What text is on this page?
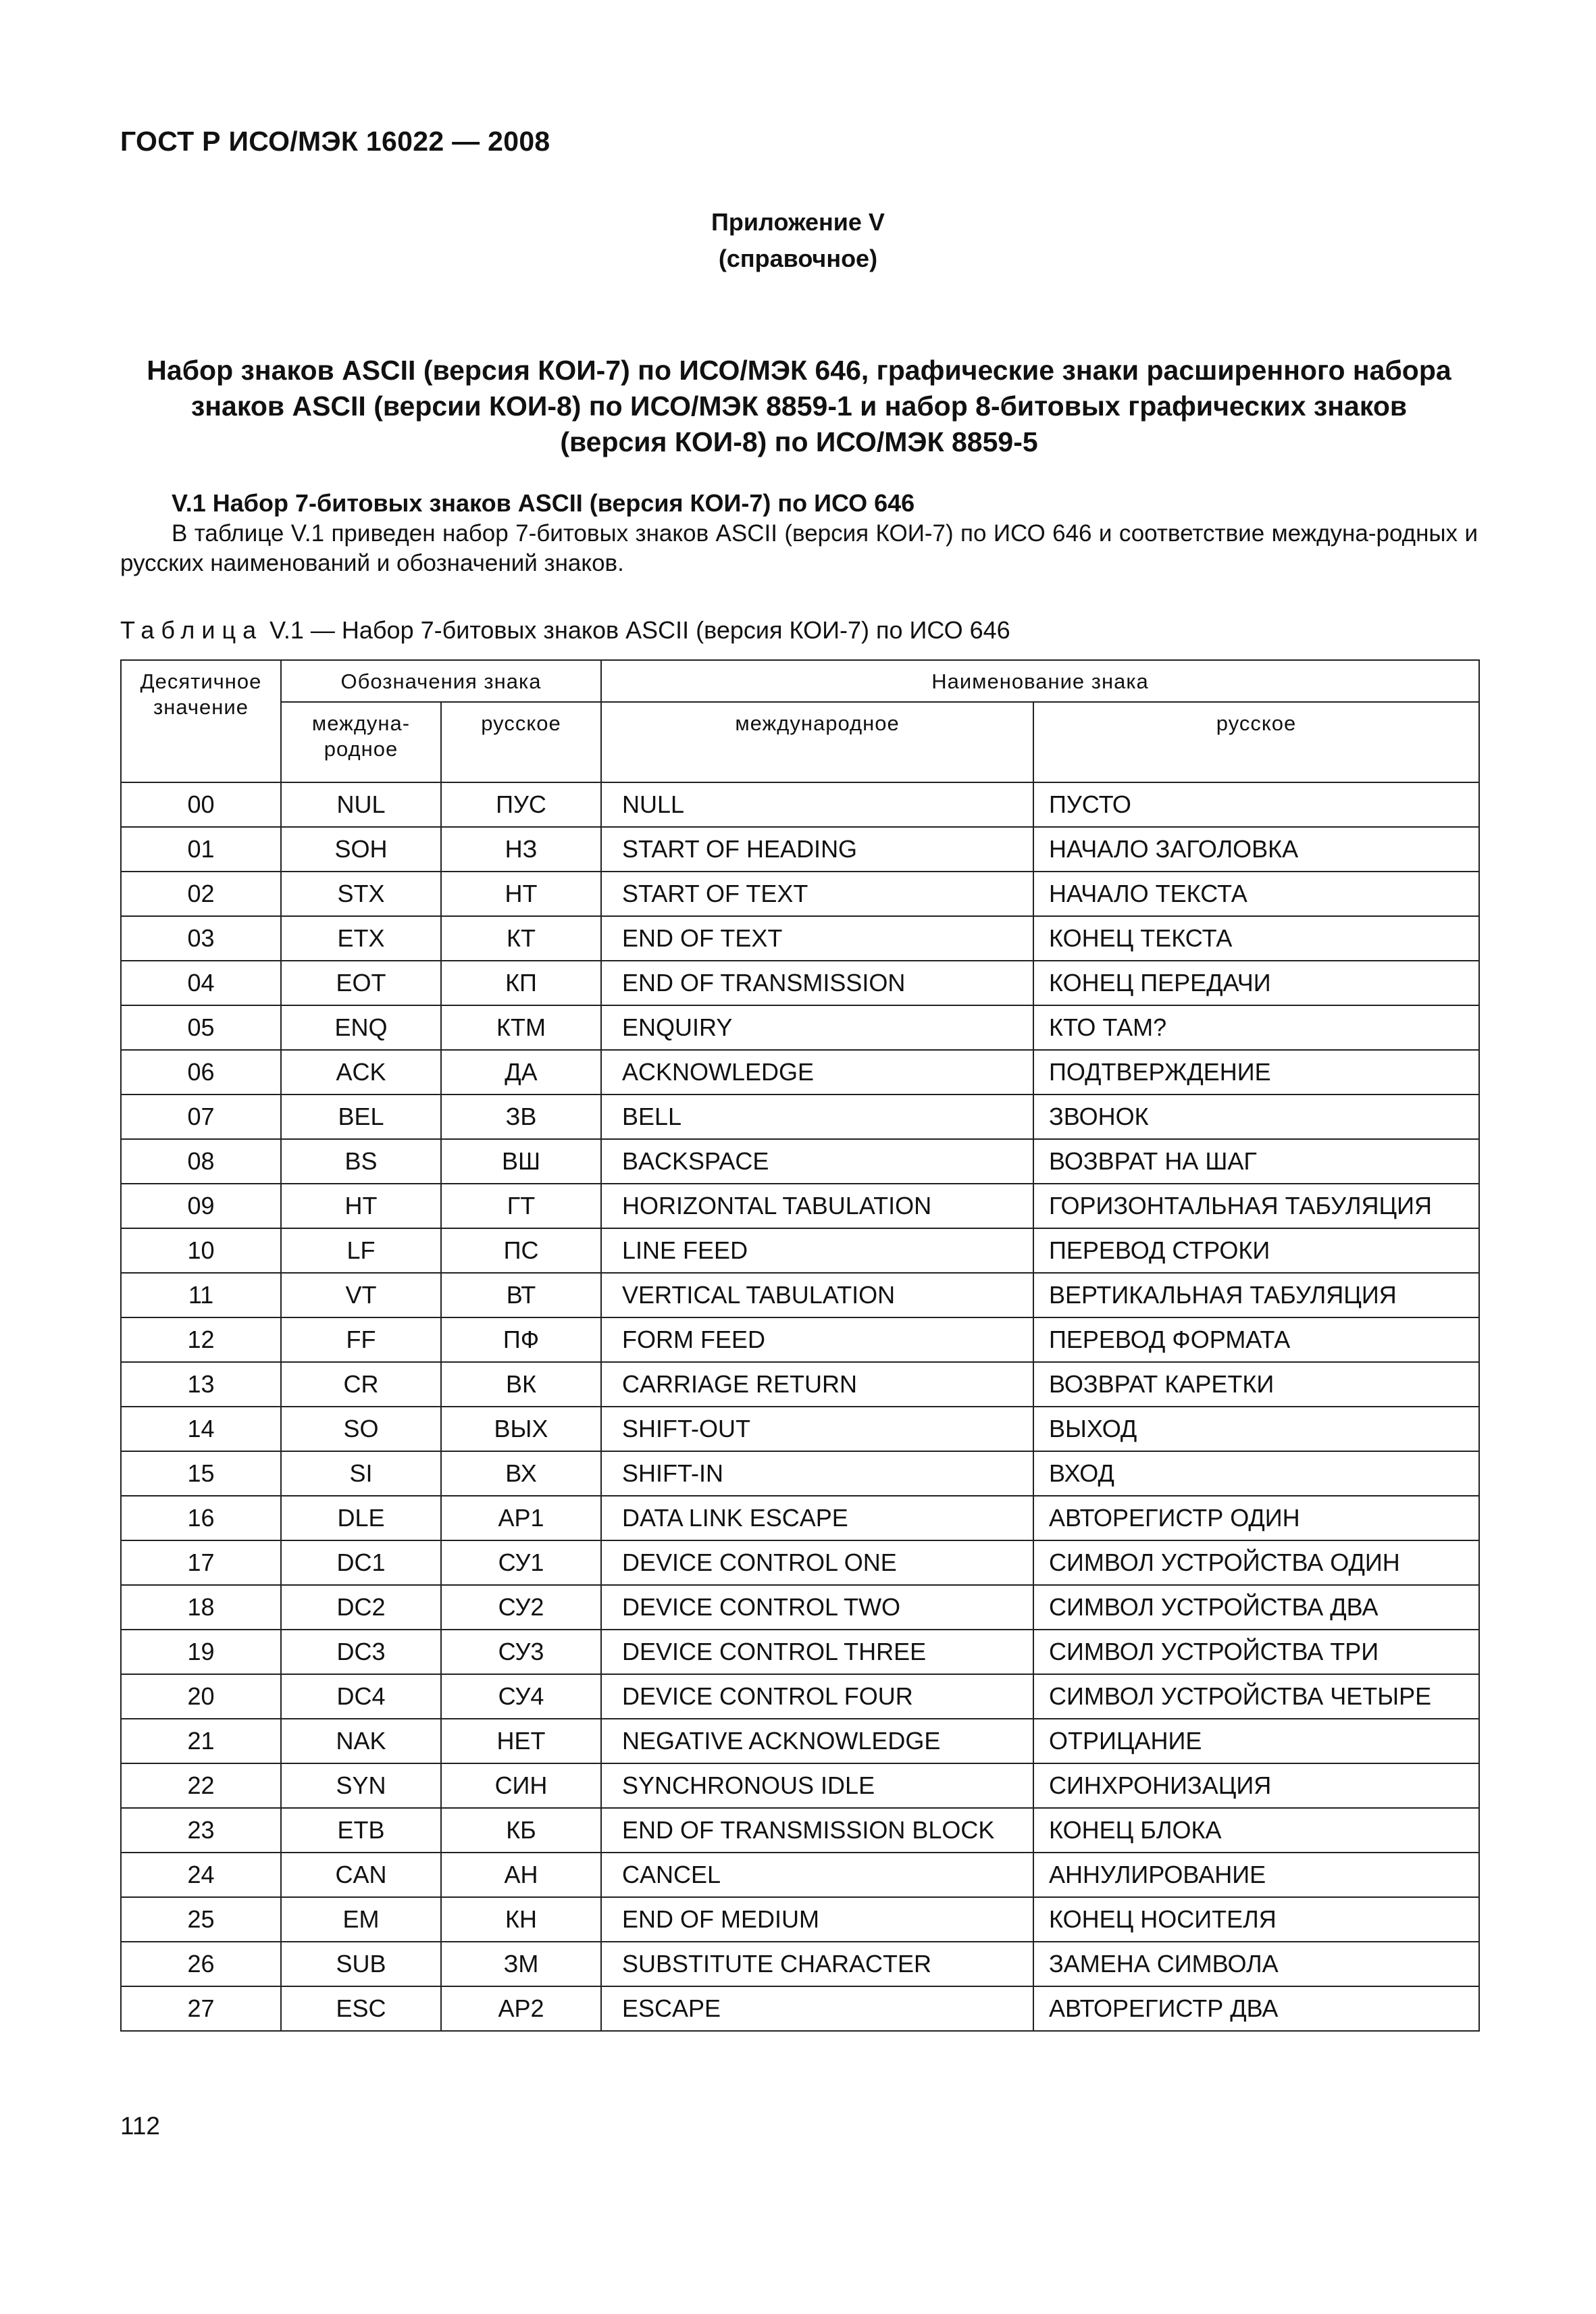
ГОСТ Р ИСО/МЭК 16022 — 2008
Приложение V
(справочное)
Набор знаков ASCII (версия КОИ-7) по ИСО/МЭК 646, графические знаки расширенного набора
знаков ASCII (версии КОИ-8) по ИСО/МЭК 8859-1 и набор 8-битовых графических знаков
(версия КОИ-8) по ИСО/МЭК 8859-5
V.1 Набор 7-битовых знаков ASCII (версия КОИ-7) по ИСО 646
В таблице V.1 приведен набор 7-битовых знаков ASCII (версия КОИ-7) по ИСО 646 и соответствие междуна-родных и русских наименований и обозначений знаков.
Таблица V.1 — Набор 7-битовых знаков ASCII (версия КОИ-7) по ИСО 646
Десятичное значение	Обозначения знака		Наименование знака	
	междуна-родное	русское	международное	русское

00	NUL	ПУС	NULL	ПУСТО
01	SOH	НЗ	START OF HEADING	НАЧАЛО ЗАГОЛОВКА
02	STX	НТ	START OF TEXT	НАЧАЛО ТЕКСТА
03	ETX	КТ	END OF TEXT	КОНЕЦ ТЕКСТА
04	EOT	КП	END OF TRANSMISSION	КОНЕЦ ПЕРЕДАЧИ
05	ENQ	КТМ	ENQUIRY	КТО ТАМ?
06	ACK	ДА	ACKNOWLEDGE	ПОДТВЕРЖДЕНИЕ
07	BEL	ЗВ	BELL	ЗВОНОК
08	BS	ВШ	BACKSPACE	ВОЗВРАТ НА ШАГ
09	HT	ГТ	HORIZONTAL TABULATION	ГОРИЗОНТАЛЬНАЯ ТАБУЛЯЦИЯ
10	LF	ПС	LINE FEED	ПЕРЕВОД СТРОКИ
11	VT	ВТ	VERTICAL TABULATION	ВЕРТИКАЛЬНАЯ ТАБУЛЯЦИЯ
12	FF	ПФ	FORM FEED	ПЕРЕВОД ФОРМАТА
13	CR	ВК	CARRIAGE RETURN	ВОЗВРАТ КАРЕТКИ
14	SO	ВЫХ	SHIFT-OUT	ВЫХОД
15	SI	ВХ	SHIFT-IN	ВХОД
16	DLE	АР1	DATA LINK ESCAPE	АВТОРЕГИСТР ОДИН
17	DC1	СУ1	DEVICE CONTROL ONE	СИМВОЛ УСТРОЙСТВА ОДИН
18	DC2	СУ2	DEVICE CONTROL TWO	СИМВОЛ УСТРОЙСТВА ДВА
19	DC3	СУ3	DEVICE CONTROL THREE	СИМВОЛ УСТРОЙСТВА ТРИ
20	DC4	СУ4	DEVICE CONTROL FOUR	СИМВОЛ УСТРОЙСТВА ЧЕТЫРЕ
21	NAK	НЕТ	NEGATIVE ACKNOWLEDGE	ОТРИЦАНИЕ
22	SYN	СИН	SYNCHRONOUS IDLE	СИНХРОНИЗАЦИЯ
23	ETB	КБ	END OF TRANSMISSION BLOCK	КОНЕЦ БЛОКА
24	CAN	АН	CANCEL	АННУЛИРОВАНИЕ
25	EM	КН	END OF MEDIUM	КОНЕЦ НОСИТЕЛЯ
26	SUB	ЗМ	SUBSTITUTE CHARACTER	ЗАМЕНА СИМВОЛА
27	ESC	АР2	ESCAPE	АВТОРЕГИСТР ДВА
112
